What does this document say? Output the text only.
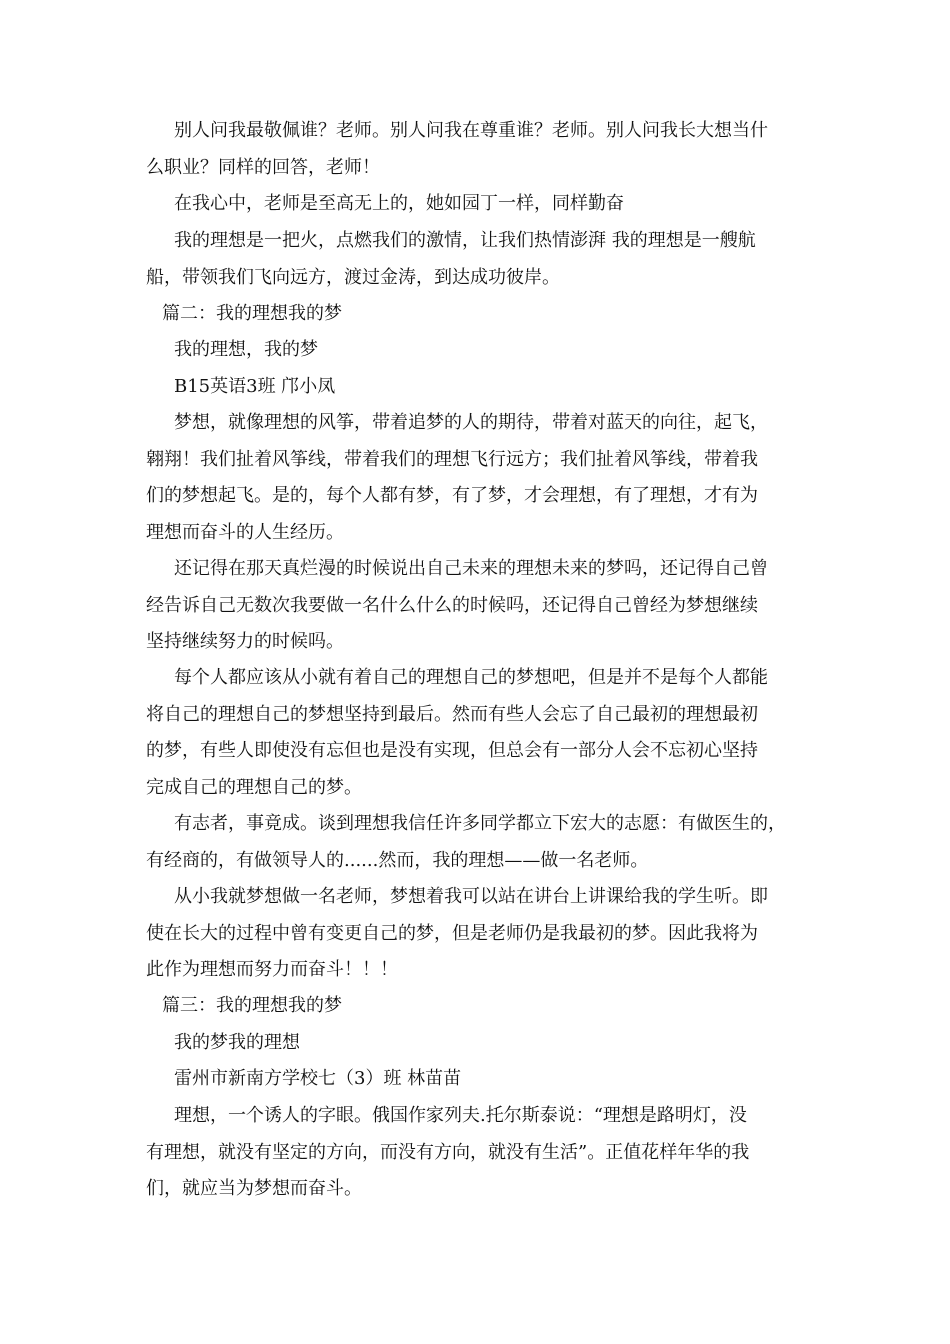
别人问我最敬佩谁？老师。别人问我在尊重谁？老师。别人问我长大想当什
么职业？同样的回答，老师！
在我心中，老师是至高无上的，她如园丁一样，同样勤奋
我的理想是一把火，点燃我们的激情，让我们热情澎湃 我的理想是一艘航
船，带领我们飞向远方，渡过金涛，到达成功彼岸。
篇二：我的理想我的梦
我的理想，我的梦
B15英语3班 邝小凤
梦想，就像理想的风筝，带着追梦的人的期待，带着对蓝天的向往，起飞，
翱翔！我们扯着风筝线，带着我们的理想飞行远方；我们扯着风筝线，带着我
们的梦想起飞。是的，每个人都有梦，有了梦，才会理想，有了理想，才有为
理想而奋斗的人生经历。
还记得在那天真烂漫的时候说出自己未来的理想未来的梦吗，还记得自己曾
经告诉自己无数次我要做一名什么什么的时候吗，还记得自己曾经为梦想继续
坚持继续努力的时候吗。
每个人都应该从小就有着自己的理想自己的梦想吧，但是并不是每个人都能
将自己的理想自己的梦想坚持到最后。然而有些人会忘了自己最初的理想最初
的梦，有些人即使没有忘但也是没有实现，但总会有一部分人会不忘初心坚持
完成自己的理想自己的梦。
有志者，事竟成。谈到理想我信任许多同学都立下宏大的志愿：有做医生的，
有经商的，有做领导人的......然而，我的理想——做一名老师。
从小我就梦想做一名老师，梦想着我可以站在讲台上讲课给我的学生听。即
使在长大的过程中曾有变更自己的梦，但是老师仍是我最初的梦。因此我将为
此作为理想而努力而奋斗！！！
篇三：我的理想我的梦
我的梦我的理想
雷州市新南方学校七（3）班 林苗苗
理想，一个诱人的字眼。俄国作家列夫.托尔斯泰说：“理想是路明灯，没
有理想，就没有坚定的方向，而没有方向，就没有生活”。正值花样年华的我
们，就应当为梦想而奋斗。
